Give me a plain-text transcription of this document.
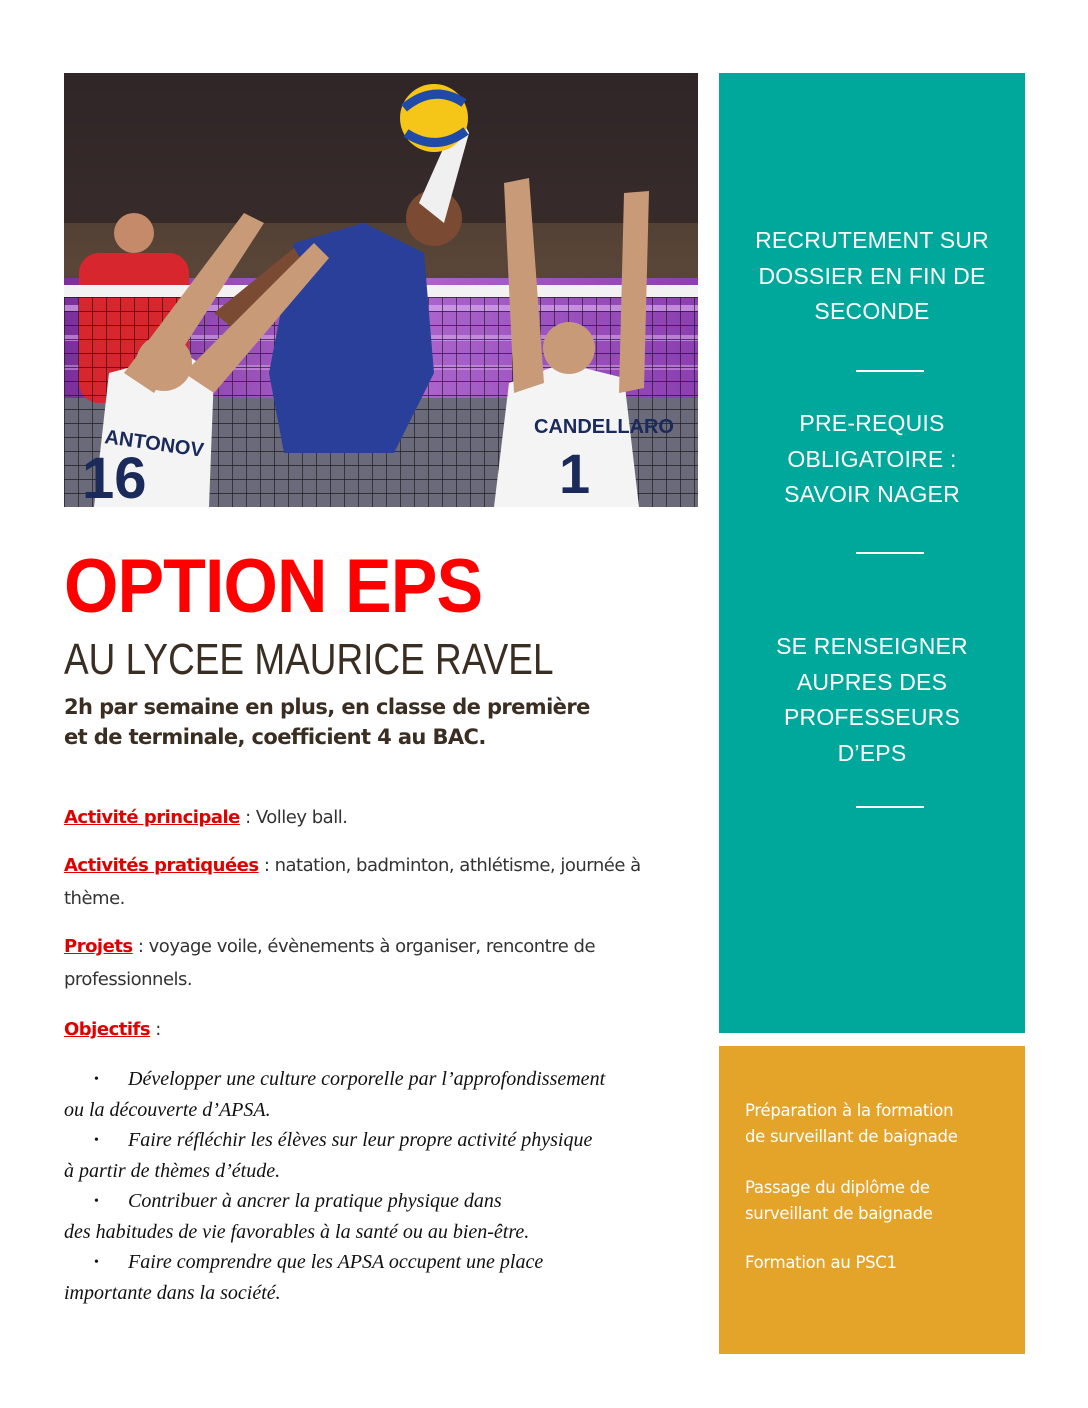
ANTONOV
16
CANDELLARO
1
OPTION EPS
AU LYCEE MAURICE RAVEL

2h par semaine en plus, en classe de première
et de terminale, coefficient 4 au BAC.

Activité principale : Volley ball.

Activités pratiquées : natation, badminton, athlétisme, journée à thème.

Projets : voyage voile, évènements à organiser, rencontre de professionnels.

Objectifs :

• Développer une culture corporelle par l’approfondissement
ou la découverte d’APSA.
• Faire réfléchir les élèves sur leur propre activité physique
à partir de thèmes d’étude.
• Contribuer à ancrer la pratique physique dans
des habitudes de vie favorables à la santé ou au bien-être.
• Faire comprendre que les APSA occupent une place
importante dans la société.

RECRUTEMENT SUR
DOSSIER EN FIN DE
SECONDE

PRE-REQUIS
OBLIGATOIRE :
SAVOIR NAGER

SE RENSEIGNER
AUPRES DES
PROFESSEURS
D’EPS

Préparation à la formation
de surveillant de baignade

Passage du diplôme de
surveillant de baignade

Formation au PSC1
